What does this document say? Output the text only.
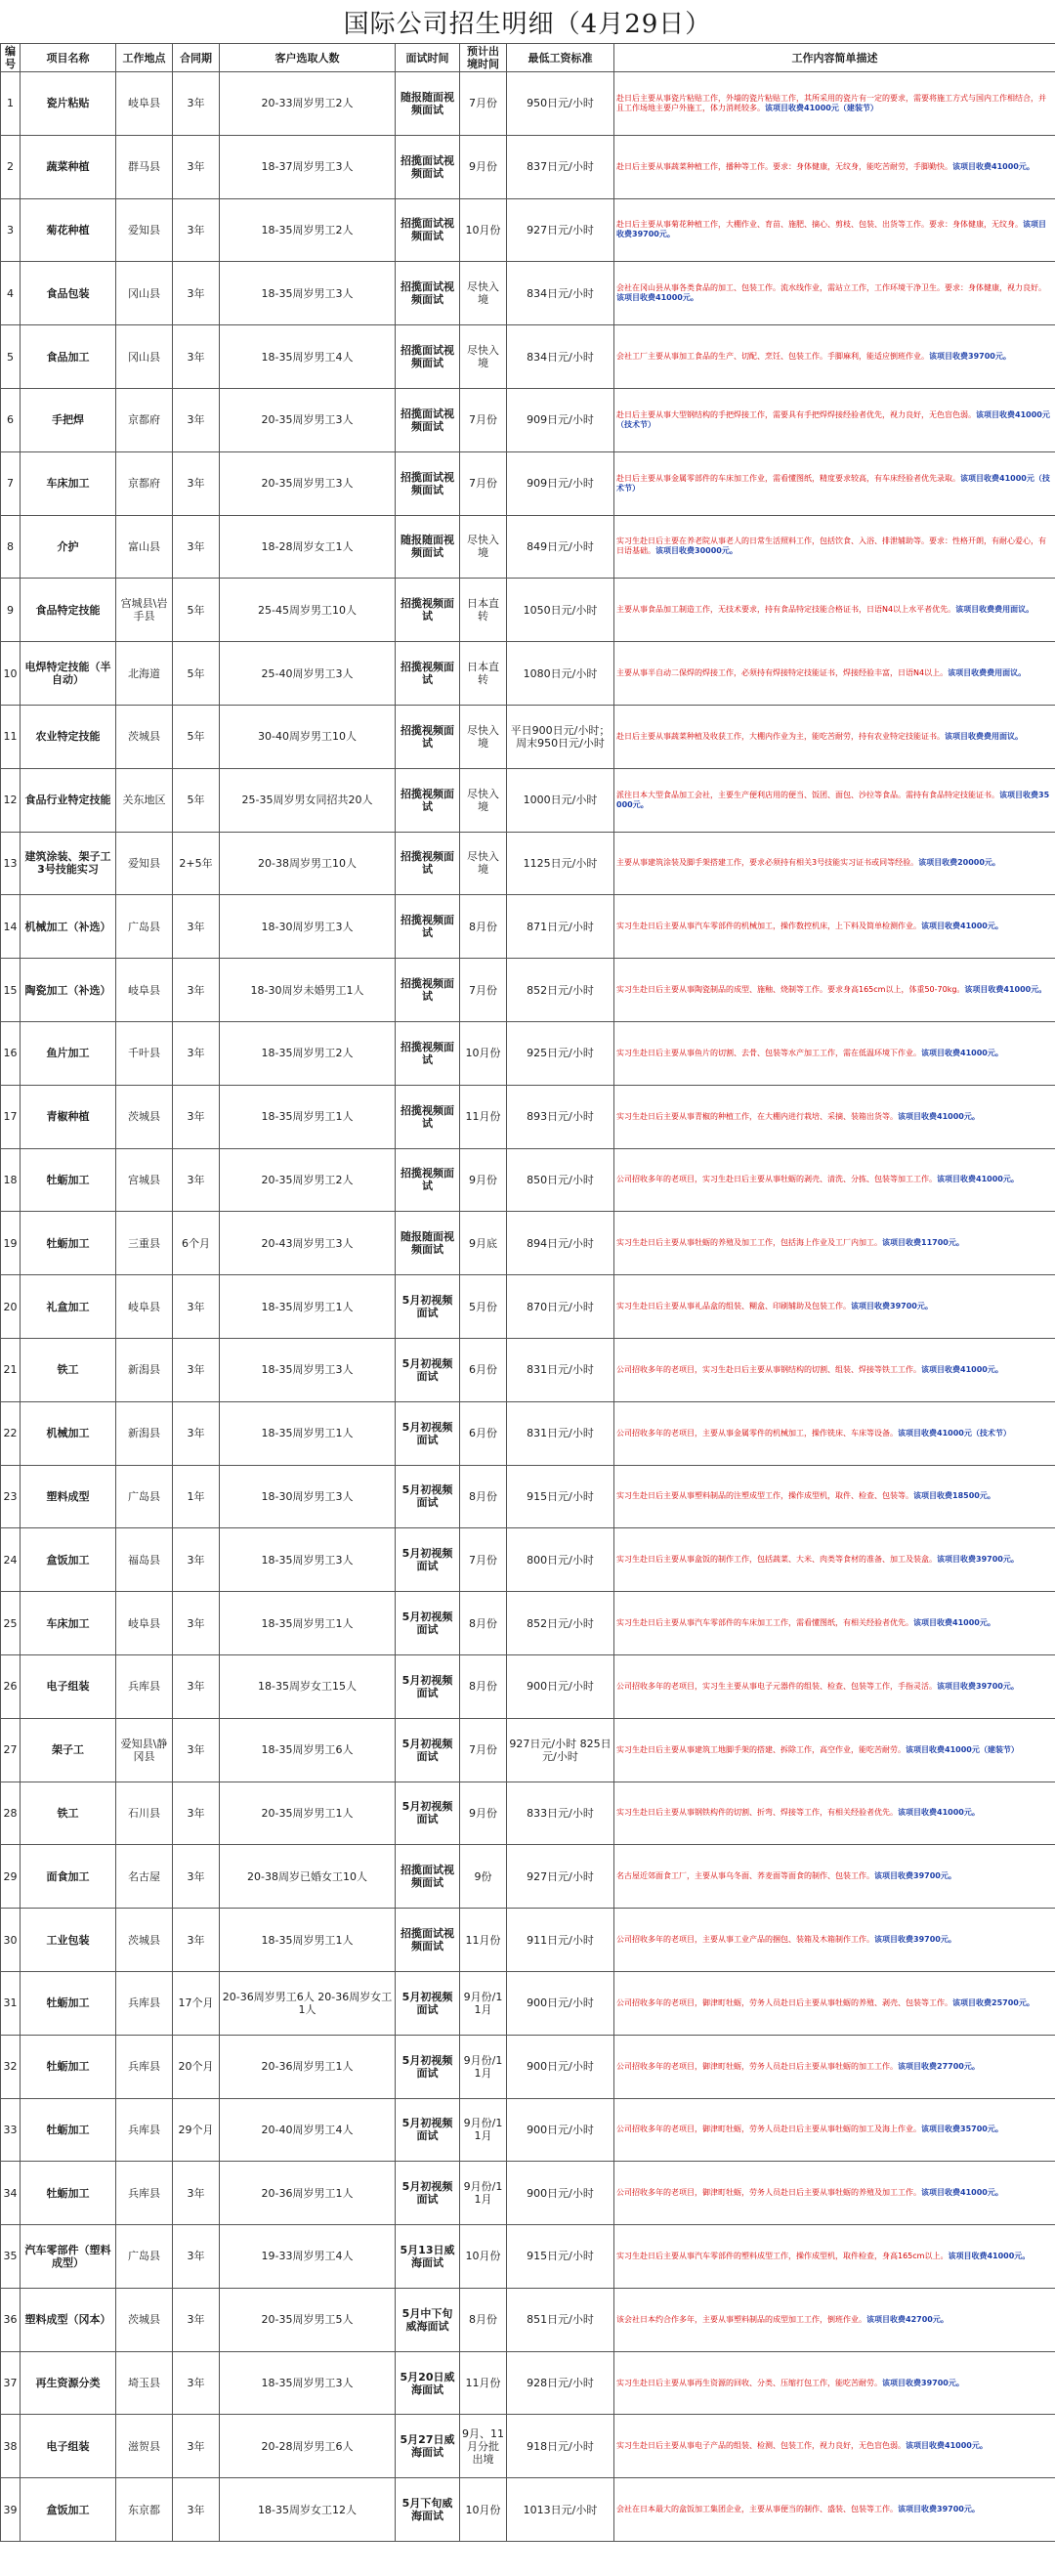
国际公司招生明细（4月29日）
编号	项目名称	工作地点	合同期	客户选取人数	面试时间	预计出境时间	最低工资标准	工作内容简单描述
1	瓷片粘贴	岐阜县	3年	20-33周岁男工2人	随报随面视频面试	7月份	950日元/小时	赴日后主要从事瓷片粘贴工作，外墙的瓷片粘贴工作，其所采用的瓷片有一定的要求，需要将施工方式与国内工作相结合，并且工作场地主要户外施工，体力消耗较多。该项目收费41000元（建装节）
2	蔬菜种植	群马县	3年	18-37周岁男工3人	招揽面试视频面试	9月份	837日元/小时	赴日后主要从事蔬菜种植工作，播种等工作。要求：身体健康，无纹身，能吃苦耐劳，手脚勤快。该项目收费41000元。
3	菊花种植	爱知县	3年	18-35周岁男工2人	招揽面试视频面试	10月份	927日元/小时	赴日后主要从事菊花种植工作，大棚作业、育苗、施肥、摘心、剪枝、包装、出货等工作。要求：身体健康，无纹身。该项目收费39700元。
4	食品包装	冈山县	3年	18-35周岁男工3人	招揽面试视频面试	尽快入境	834日元/小时	会社在冈山县从事各类食品的加工、包装工作。流水线作业，需站立工作，工作环境干净卫生。要求：身体健康，视力良好。该项目收费41000元。
5	食品加工	冈山县	3年	18-35周岁男工4人	招揽面试视频面试	尽快入境	834日元/小时	会社工厂主要从事加工食品的生产、切配、烹饪、包装工作。手脚麻利，能适应倒班作业。该项目收费39700元。
6	手把焊	京都府	3年	20-35周岁男工3人	招揽面试视频面试	7月份	909日元/小时	赴日后主要从事大型钢结构的手把焊接工作，需要具有手把焊焊接经验者优先，视力良好，无色盲色弱。该项目收费41000元（技术节）
7	车床加工	京都府	3年	20-35周岁男工3人	招揽面试视频面试	7月份	909日元/小时	赴日后主要从事金属零部件的车床加工作业，需看懂图纸，精度要求较高，有车床经验者优先录取。该项目收费41000元（技术节）
8	介护	富山县	3年	18-28周岁女工1人	随报随面视频面试	尽快入境	849日元/小时	实习生赴日后主要在养老院从事老人的日常生活照料工作，包括饮食、入浴、排泄辅助等。要求：性格开朗，有耐心爱心，有日语基础。该项目收费30000元。
9	食品特定技能	宫城县\岩手县	5年	25-45周岁男工10人	招揽视频面试	日本直转	1050日元/小时	主要从事食品加工制造工作，无技术要求，持有食品特定技能合格证书，日语N4以上水平者优先。该项目收费费用面议。
10	电焊特定技能（半自动）	北海道	5年	25-40周岁男工3人	招揽视频面试	日本直转	1080日元/小时	主要从事半自动二保焊的焊接工作，必须持有焊接特定技能证书，焊接经验丰富，日语N4以上。该项目收费费用面议。
11	农业特定技能	茨城县	5年	30-40周岁男工10人	招揽视频面试	尽快入境	平日900日元/小时；周末950日元/小时	赴日后主要从事蔬菜种植及收获工作，大棚内作业为主，能吃苦耐劳，持有农业特定技能证书。该项目收费费用面议。
12	食品行业特定技能	关东地区	5年	25-35周岁男女同招共20人	招揽视频面试	尽快入境	1000日元/小时	派往日本大型食品加工会社，主要生产便利店用的便当、饭团、面包、沙拉等食品。需持有食品特定技能证书。该项目收费35000元。
13	建筑涂装、架子工3号技能实习	爱知县	2+5年	20-38周岁男工10人	招揽视频面试	尽快入境	1125日元/小时	主要从事建筑涂装及脚手架搭建工作，要求必须持有相关3号技能实习证书或同等经验。该项目收费20000元。
14	机械加工（补选）	广岛县	3年	18-30周岁男工3人	招揽视频面试	8月份	871日元/小时	实习生赴日后主要从事汽车零部件的机械加工，操作数控机床，上下料及简单检测作业。该项目收费41000元。
15	陶瓷加工（补选）	岐阜县	3年	18-30周岁未婚男工1人	招揽视频面试	7月份	852日元/小时	实习生赴日后主要从事陶瓷制品的成型、施釉、烧制等工作。要求身高165cm以上，体重50-70kg。该项目收费41000元。
16	鱼片加工	千叶县	3年	18-35周岁男工2人	招揽视频面试	10月份	925日元/小时	实习生赴日后主要从事鱼片的切割、去骨、包装等水产加工工作，需在低温环境下作业。该项目收费41000元。
17	青椒种植	茨城县	3年	18-35周岁男工1人	招揽视频面试	11月份	893日元/小时	实习生赴日后主要从事青椒的种植工作，在大棚内进行栽培、采摘、装箱出货等。该项目收费41000元。
18	牡蛎加工	宫城县	3年	20-35周岁男工2人	招揽视频面试	9月份	850日元/小时	公司招收多年的老项目，实习生赴日后主要从事牡蛎的剥壳、清洗、分拣、包装等加工工作。该项目收费41000元。
19	牡蛎加工	三重县	6个月	20-43周岁男工3人	随报随面视频面试	9月底	894日元/小时	实习生赴日后主要从事牡蛎的养殖及加工工作，包括海上作业及工厂内加工。该项目收费11700元。
20	礼盒加工	岐阜县	3年	18-35周岁男工1人	5月初视频面试	5月份	870日元/小时	实习生赴日后主要从事礼品盒的组装、糊盒、印刷辅助及包装工作。该项目收费39700元。
21	铁工	新潟县	3年	18-35周岁男工3人	5月初视频面试	6月份	831日元/小时	公司招收多年的老项目，实习生赴日后主要从事钢结构的切割、组装、焊接等铁工工作。该项目收费41000元。
22	机械加工	新潟县	3年	18-35周岁男工1人	5月初视频面试	6月份	831日元/小时	公司招收多年的老项目，主要从事金属零件的机械加工，操作铣床、车床等设备。该项目收费41000元（技术节）
23	塑料成型	广岛县	1年	18-30周岁男工3人	5月初视频面试	8月份	915日元/小时	实习生赴日后主要从事塑料制品的注塑成型工作，操作成型机，取件、检查、包装等。该项目收费18500元。
24	盒饭加工	福岛县	3年	18-35周岁男工3人	5月初视频面试	7月份	800日元/小时	实习生赴日后主要从事盒饭的制作工作，包括蔬菜、大米、肉类等食材的准备、加工及装盒。该项目收费39700元。
25	车床加工	岐阜县	3年	18-35周岁男工1人	5月初视频面试	8月份	852日元/小时	实习生赴日后主要从事汽车零部件的车床加工工作，需看懂图纸，有相关经验者优先。该项目收费41000元。
26	电子组装	兵库县	3年	18-35周岁女工15人	5月初视频面试	8月份	900日元/小时	公司招收多年的老项目，实习生主要从事电子元器件的组装、检查、包装等工作，手指灵活。该项目收费39700元。
27	架子工	爱知县\静冈县	3年	18-35周岁男工6人	5月初视频面试	7月份	927日元/小时 825日元/小时	实习生赴日后主要从事建筑工地脚手架的搭建、拆除工作，高空作业，能吃苦耐劳。该项目收费41000元（建装节）
28	铁工	石川县	3年	20-35周岁男工1人	5月初视频面试	9月份	833日元/小时	实习生赴日后主要从事钢铁构件的切割、折弯、焊接等工作，有相关经验者优先。该项目收费41000元。
29	面食加工	名古屋	3年	20-38周岁已婚女工10人	招揽面试视频面试	9份	927日元/小时	名古屋近郊面食工厂，主要从事乌冬面、荞麦面等面食的制作、包装工作。该项目收费39700元。
30	工业包装	茨城县	3年	18-35周岁男工1人	招揽面试视频面试	11月份	911日元/小时	公司招收多年的老项目，主要从事工业产品的捆包、装箱及木箱制作工作。该项目收费39700元。
31	牡蛎加工	兵库县	17个月	20-36周岁男工6人 20-36周岁女工1人	5月初视频面试	9月份/11月	900日元/小时	公司招收多年的老项目，御津町牡蛎，劳务人员赴日后主要从事牡蛎的养殖、剥壳、包装等工作。该项目收费25700元。
32	牡蛎加工	兵库县	20个月	20-36周岁男工1人	5月初视频面试	9月份/11月	900日元/小时	公司招收多年的老项目，御津町牡蛎，劳务人员赴日后主要从事牡蛎的加工工作。该项目收费27700元。
33	牡蛎加工	兵库县	29个月	20-40周岁男工4人	5月初视频面试	9月份/11月	900日元/小时	公司招收多年的老项目，御津町牡蛎，劳务人员赴日后主要从事牡蛎的加工及海上作业。该项目收费35700元。
34	牡蛎加工	兵库县	3年	20-36周岁男工1人	5月初视频面试	9月份/11月	900日元/小时	公司招收多年的老项目，御津町牡蛎，劳务人员赴日后主要从事牡蛎的养殖及加工工作。该项目收费41000元。
35	汽车零部件（塑料成型）	广岛县	3年	19-33周岁男工4人	5月13日威海面试	10月份	915日元/小时	实习生赴日后主要从事汽车零部件的塑料成型工作，操作成型机，取件检查，身高165cm以上。该项目收费41000元。
36	塑料成型（冈本）	茨城县	3年	20-35周岁男工5人	5月中下旬威海面试	8月份	851日元/小时	该会社日本约合作多年，主要从事塑料制品的成型加工工作，倒班作业。该项目收费42700元。
37	再生资源分类	埼玉县	3年	18-35周岁男工3人	5月20日威海面试	11月份	928日元/小时	实习生赴日后主要从事再生资源的回收、分类、压缩打包工作，能吃苦耐劳。该项目收费39700元。
38	电子组装	滋贺县	3年	20-28周岁男工6人	5月27日威海面试	9月、11月分批出境	918日元/小时	实习生赴日后主要从事电子产品的组装、检测、包装工作，视力良好，无色盲色弱。该项目收费41000元。
39	盒饭加工	东京都	3年	18-35周岁女工12人	5月下旬威海面试	10月份	1013日元/小时	会社在日本最大的盒饭加工集团企业，主要从事便当的制作、盛装、包装等工作。该项目收费39700元。
